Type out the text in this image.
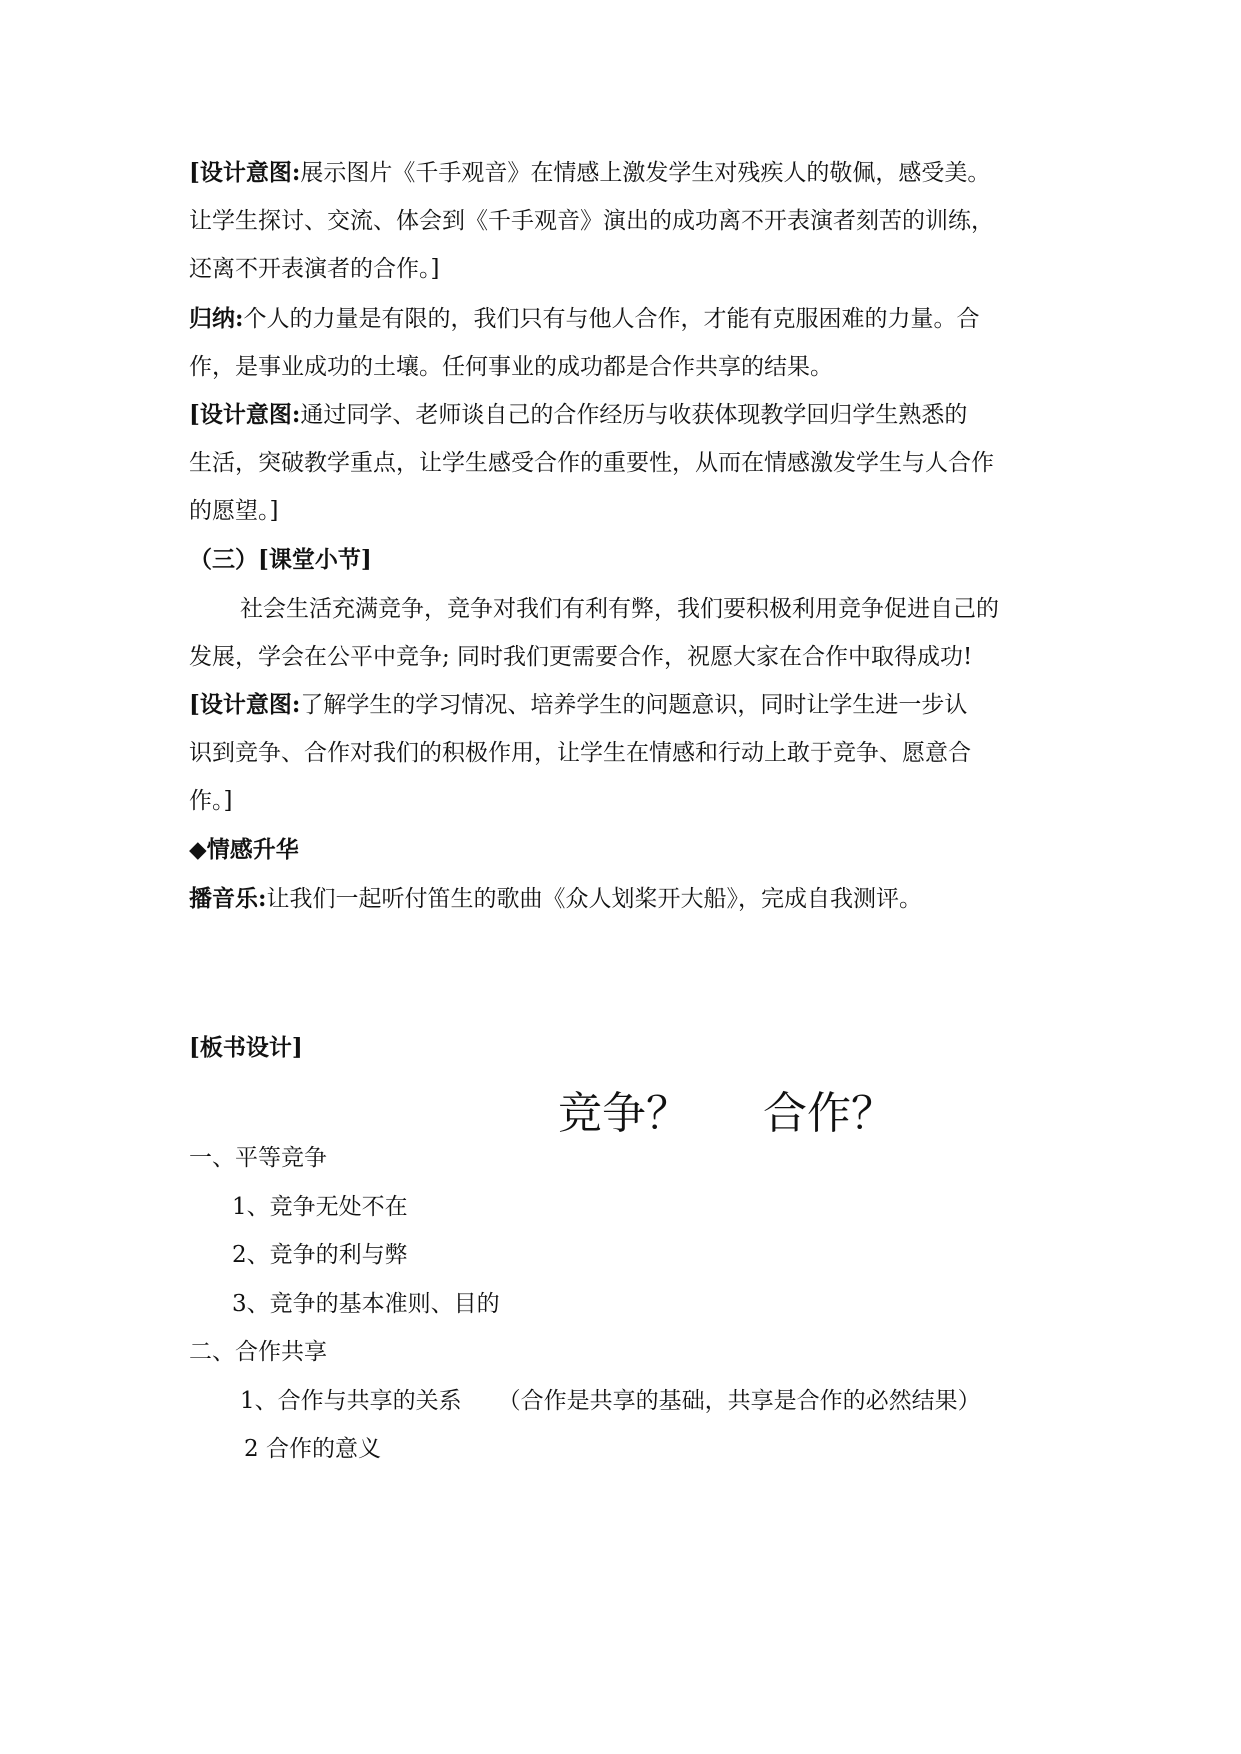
[设计意图:展示图片《千手观音》在情感上激发学生对残疾人的敬佩，感受美。
让学生探讨、交流、体会到《千手观音》演出的成功离不开表演者刻苦的训练，
还离不开表演者的合作。]
归纳:个人的力量是有限的，我们只有与他人合作，才能有克服困难的力量。合
作，是事业成功的土壤。任何事业的成功都是合作共享的结果。
[设计意图:通过同学、老师谈自己的合作经历与收获体现教学回归学生熟悉的
生活，突破教学重点，让学生感受合作的重要性，从而在情感激发学生与人合作
的愿望。]
（三）[课堂小节]
社会生活充满竞争，竞争对我们有利有弊，我们要积极利用竞争促进自己的
发展，学会在公平中竞争; 同时我们更需要合作，祝愿大家在合作中取得成功!
[设计意图:了解学生的学习情况、培养学生的问题意识，同时让学生进一步认
识到竞争、合作对我们的积极作用，让学生在情感和行动上敢于竞争、愿意合
作。]
◆情感升华
播音乐:让我们一起听付笛生的歌曲《众人划桨开大船》，完成自我测评。
[板书设计]
竞争？ 合作？
一、平等竞争
1、竞争无处不在
2、竞争的利与弊
3、竞争的基本准则、目的
二、合作共享
1、合作与共享的关系 （合作是共享的基础，共享是合作的必然结果）
2 合作的意义
